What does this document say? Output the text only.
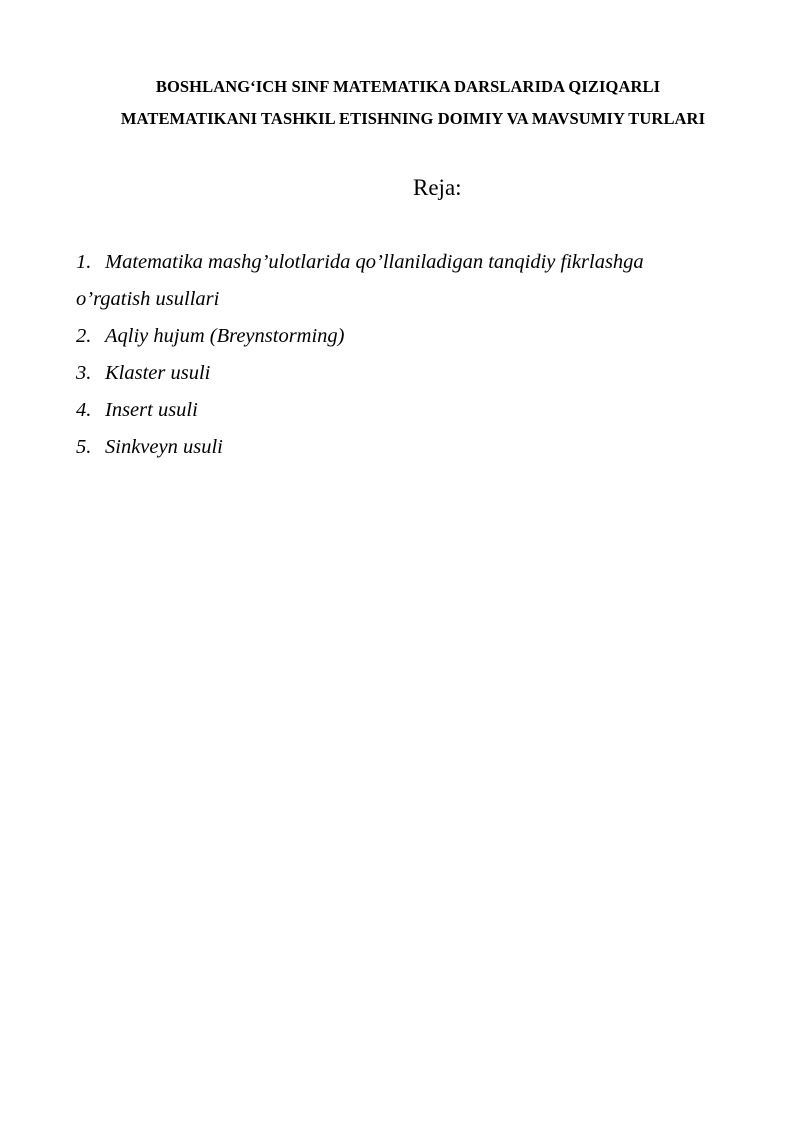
BOSHLANG‘ICH SINF MATEMATIKA DARSLARIDA QIZIQARLI
MATEMATIKANI TASHKIL ETISHNING DOIMIY VA MAVSUMIY TURLARI
Reja:
1. Matematika mashg’ulotlarida qo’llaniladigan tanqidiy fikrlashga
o’rgatish usullari
2. Aqliy hujum (Breynstorming)
3. Klaster usuli
4. Insert usuli
5. Sinkveyn usuli
